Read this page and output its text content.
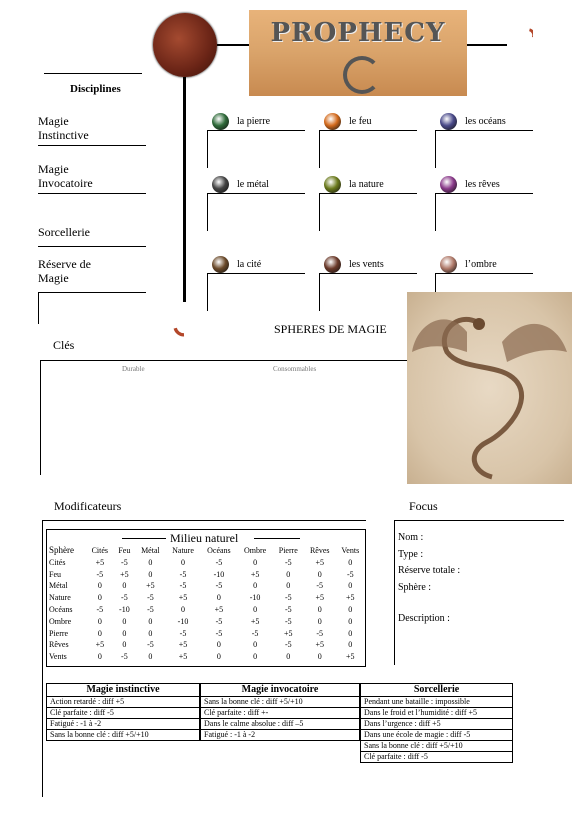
PROPHECY
Disciplines
Magie Instinctive
Magie Invocatoire
Sorcellerie
Réserve de Magie
la pierre	le feu	les océans
le métal	la nature	les rêves
la cité	les vents	l’ombre
SPHERES DE MAGIE
Clés
Durable	Consommables
Modificateurs
Milieu naturel
Sphère	Cités	Feu	Métal	Nature	Océans	Ombre	Pierre	Rêves	Vents
Cités	+5	-5	0	0	-5	0	-5	+5	0
Feu	-5	+5	0	-5	-10	+5	0	0	-5
Métal	0	0	+5	-5	-5	0	0	-5	0
Nature	0	-5	-5	+5	0	-10	-5	+5	+5
Océans	-5	-10	-5	0	+5	0	-5	0	0
Ombre	0	0	0	-10	-5	+5	-5	0	0
Pierre	0	0	0	-5	-5	-5	+5	-5	0
Rêves	+5	0	-5	+5	0	0	-5	+5	0
Vents	0	-5	0	+5	0	0	0	0	+5
Focus
Nom :
Type :
Réserve totale :
Sphère :
Description :
Magie instinctive
Action retardé : diff +5
Clé parfaite : diff -5
Fatigué : -1 à -2
Sans la bonne clé : diff +5/+10
Magie invocatoire
Sans la bonne clé : diff +5/+10
Clé parfaite : diff +-
Dans le calme absolue : diff –5
Fatigué : -1 à -2
Sorcellerie
Pendant une bataille : impossible
Dans le froid et l’humidité : diff +5
Dans l’urgence : diff +5
Dans une école de magie : diff -5
Sans la bonne clé : diff +5/+10
Clé parfaite : diff -5
